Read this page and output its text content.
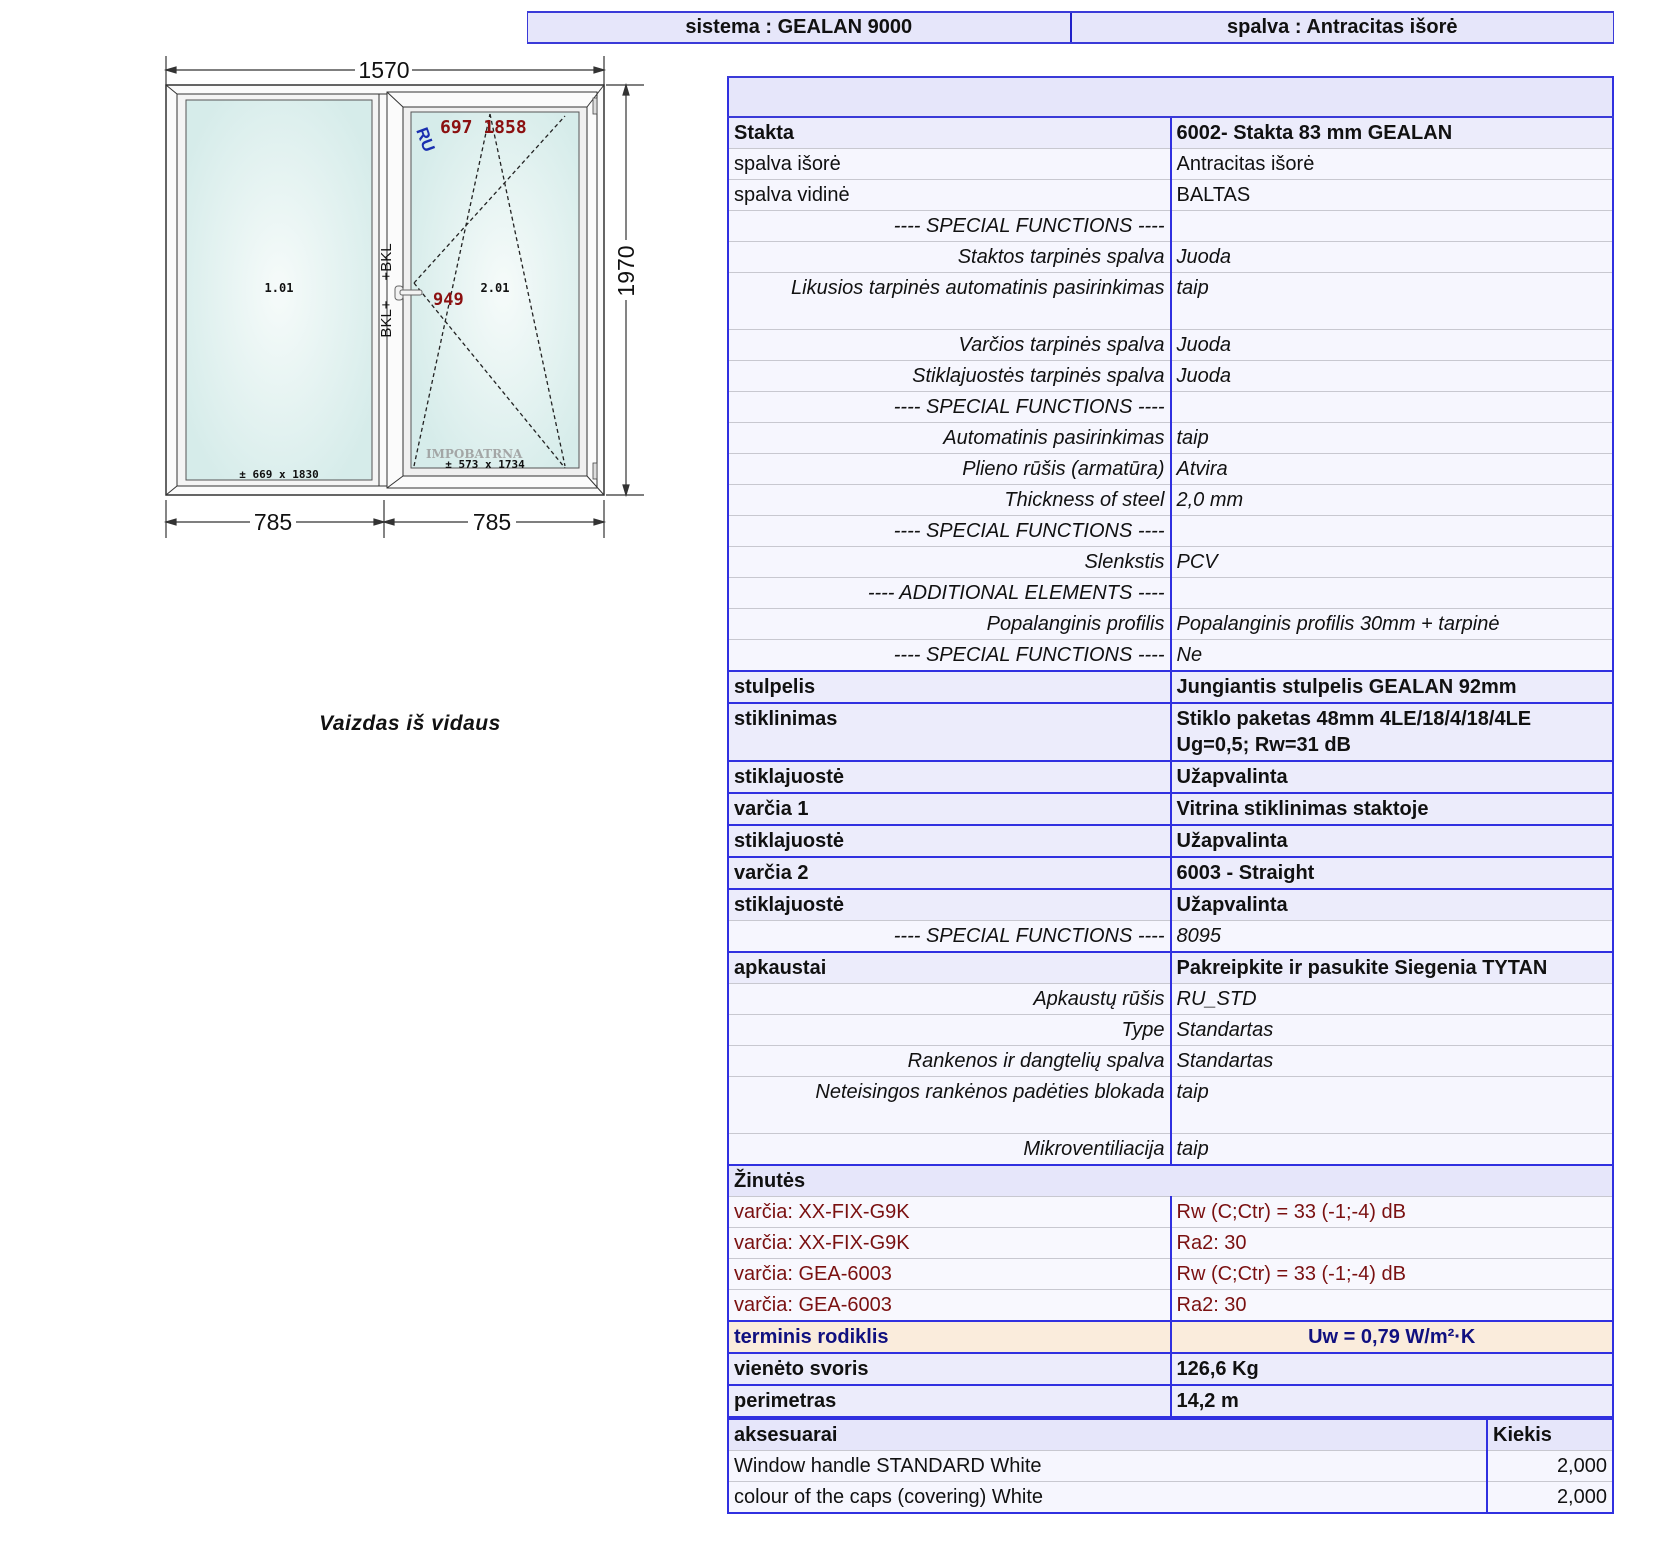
sistema : GEALAN 9000	spalva : Antracitas išorė
1570
1970
BKL+
+BKL
1.01	2.01
RU 697 1858
949
IMPOBATRNA
± 669 x 1830
± 573 x 1734
785	785
Vaizdas iš vidaus

Stakta	6002- Stakta 83 mm GEALAN
spalva išorė	Antracitas išorė
spalva vidinė	BALTAS
---- SPECIAL FUNCTIONS ----	
Staktos tarpinės spalva	Juoda
Likusios tarpinės automatinis pasirinkimas	taip
Varčios tarpinės spalva	Juoda
Stiklajuostės tarpinės spalva	Juoda
---- SPECIAL FUNCTIONS ----	
Automatinis pasirinkimas	taip
Plieno rūšis (armatūra)	Atvira
Thickness of steel	2,0 mm
---- SPECIAL FUNCTIONS ----	
Slenkstis	PCV
---- ADDITIONAL ELEMENTS ----	
Popalanginis profilis	Popalanginis profilis 30mm + tarpinė
---- SPECIAL FUNCTIONS ----	Ne
stulpelis	Jungiantis stulpelis GEALAN 92mm
stiklinimas	Stiklo paketas 48mm 4LE/18/4/18/4LE Ug=0,5; Rw=31 dB
stiklajuostė	Užapvalinta
varčia 1	Vitrina stiklinimas staktoje
stiklajuostė	Užapvalinta
varčia 2	6003 - Straight
stiklajuostė	Užapvalinta
---- SPECIAL FUNCTIONS ----	8095
apkaustai	Pakreipkite ir pasukite Siegenia TYTAN
Apkaustų rūšis	RU_STD
Type	Standartas
Rankenos ir dangtelių spalva	Standartas
Neteisingos rankėnos padėties blokada	taip
Mikroventiliacija	taip
Žinutės	
varčia: XX-FIX-G9K	Rw (C;Ctr) = 33 (-1;-4) dB
varčia: XX-FIX-G9K	Ra2: 30
varčia: GEA-6003	Rw (C;Ctr) = 33 (-1;-4) dB
varčia: GEA-6003	Ra2: 30
terminis rodiklis	Uw = 0,79 W/m²·K
vienėto svoris	126,6 Kg
perimetras	14,2 m
aksesuarai	Kiekis
Window handle STANDARD White	2,000
colour of the caps (covering) White	2,000
